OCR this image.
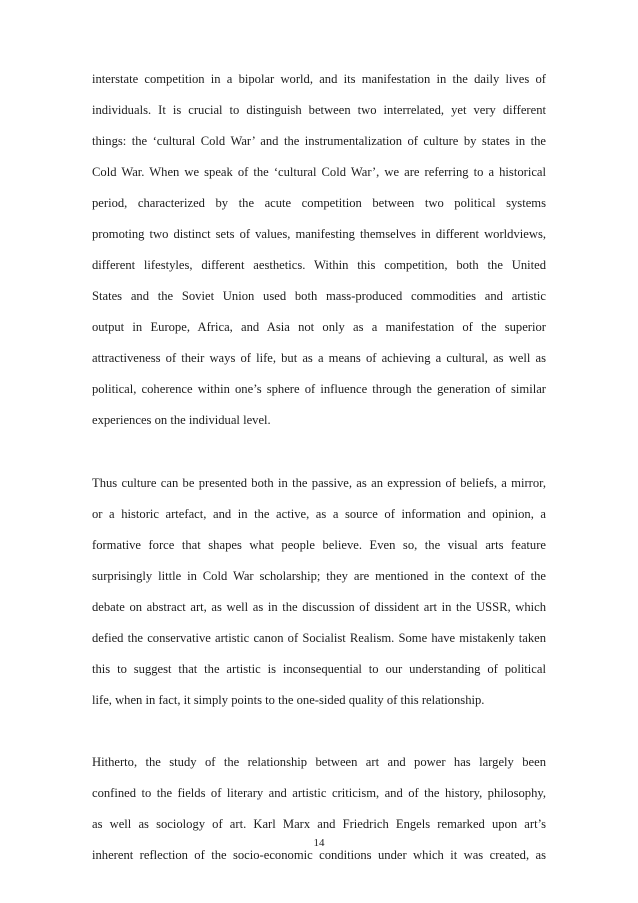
interstate competition in a bipolar world, and its manifestation in the daily lives of
individuals. It is crucial to distinguish between two interrelated, yet very different
things: the ‘cultural Cold War’ and the instrumentalization of culture by states in the
Cold War. When we speak of the ‘cultural Cold War’, we are referring to a historical
period, characterized by the acute competition between two political systems
promoting two distinct sets of values, manifesting themselves in different worldviews,
different lifestyles, different aesthetics. Within this competition, both the United
States and the Soviet Union used both mass-produced commodities and artistic
output in Europe, Africa, and Asia not only as a manifestation of the superior
attractiveness of their ways of life, but as a means of achieving a cultural, as well as
political, coherence within one’s sphere of influence through the generation of similar
experiences on the individual level.
Thus culture can be presented both in the passive, as an expression of beliefs, a mirror,
or a historic artefact, and in the active, as a source of information and opinion, a
formative force that shapes what people believe. Even so, the visual arts feature
surprisingly little in Cold War scholarship; they are mentioned in the context of the
debate on abstract art, as well as in the discussion of dissident art in the USSR, which
defied the conservative artistic canon of Socialist Realism. Some have mistakenly taken
this to suggest that the artistic is inconsequential to our understanding of political
life, when in fact, it simply points to the one-sided quality of this relationship.
Hitherto, the study of the relationship between art and power has largely been
confined to the fields of literary and artistic criticism, and of the history, philosophy,
as well as sociology of art. Karl Marx and Friedrich Engels remarked upon art’s
inherent reflection of the socio-economic conditions under which it was created, as
14
